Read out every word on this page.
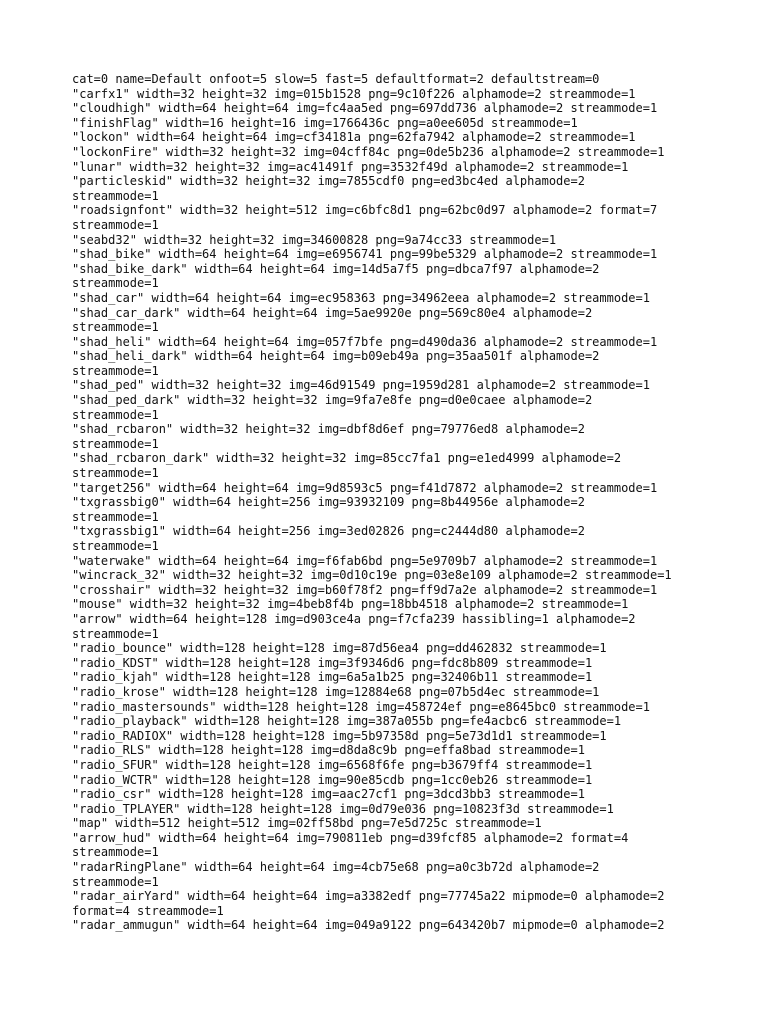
cat=0 name=Default onfoot=5 slow=5 fast=5 defaultformat=2 defaultstream=0
"carfx1" width=32 height=32 img=015b1528 png=9c10f226 alphamode=2 streammode=1
"cloudhigh" width=64 height=64 img=fc4aa5ed png=697dd736 alphamode=2 streammode=1
"finishFlag" width=16 height=16 img=1766436c png=a0ee605d streammode=1
"lockon" width=64 height=64 img=cf34181a png=62fa7942 alphamode=2 streammode=1
"lockonFire" width=32 height=32 img=04cff84c png=0de5b236 alphamode=2 streammode=1
"lunar" width=32 height=32 img=ac41491f png=3532f49d alphamode=2 streammode=1
"particleskid" width=32 height=32 img=7855cdf0 png=ed3bc4ed alphamode=2
streammode=1
"roadsignfont" width=32 height=512 img=c6bfc8d1 png=62bc0d97 alphamode=2 format=7
streammode=1
"seabd32" width=32 height=32 img=34600828 png=9a74cc33 streammode=1
"shad_bike" width=64 height=64 img=e6956741 png=99be5329 alphamode=2 streammode=1
"shad_bike_dark" width=64 height=64 img=14d5a7f5 png=dbca7f97 alphamode=2
streammode=1
"shad_car" width=64 height=64 img=ec958363 png=34962eea alphamode=2 streammode=1
"shad_car_dark" width=64 height=64 img=5ae9920e png=569c80e4 alphamode=2
streammode=1
"shad_heli" width=64 height=64 img=057f7bfe png=d490da36 alphamode=2 streammode=1
"shad_heli_dark" width=64 height=64 img=b09eb49a png=35aa501f alphamode=2
streammode=1
"shad_ped" width=32 height=32 img=46d91549 png=1959d281 alphamode=2 streammode=1
"shad_ped_dark" width=32 height=32 img=9fa7e8fe png=d0e0caee alphamode=2
streammode=1
"shad_rcbaron" width=32 height=32 img=dbf8d6ef png=79776ed8 alphamode=2
streammode=1
"shad_rcbaron_dark" width=32 height=32 img=85cc7fa1 png=e1ed4999 alphamode=2
streammode=1
"target256" width=64 height=64 img=9d8593c5 png=f41d7872 alphamode=2 streammode=1
"txgrassbig0" width=64 height=256 img=93932109 png=8b44956e alphamode=2
streammode=1
"txgrassbig1" width=64 height=256 img=3ed02826 png=c2444d80 alphamode=2
streammode=1
"waterwake" width=64 height=64 img=f6fab6bd png=5e9709b7 alphamode=2 streammode=1
"wincrack_32" width=32 height=32 img=0d10c19e png=03e8e109 alphamode=2 streammode=1
"crosshair" width=32 height=32 img=b60f78f2 png=ff9d7a2e alphamode=2 streammode=1
"mouse" width=32 height=32 img=4beb8f4b png=18bb4518 alphamode=2 streammode=1
"arrow" width=64 height=128 img=d903ce4a png=f7cfa239 hassibling=1 alphamode=2
streammode=1
"radio_bounce" width=128 height=128 img=87d56ea4 png=dd462832 streammode=1
"radio_KDST" width=128 height=128 img=3f9346d6 png=fdc8b809 streammode=1
"radio_kjah" width=128 height=128 img=6a5a1b25 png=32406b11 streammode=1
"radio_krose" width=128 height=128 img=12884e68 png=07b5d4ec streammode=1
"radio_mastersounds" width=128 height=128 img=458724ef png=e8645bc0 streammode=1
"radio_playback" width=128 height=128 img=387a055b png=fe4acbc6 streammode=1
"radio_RADIOX" width=128 height=128 img=5b97358d png=5e73d1d1 streammode=1
"radio_RLS" width=128 height=128 img=d8da8c9b png=effa8bad streammode=1
"radio_SFUR" width=128 height=128 img=6568f6fe png=b3679ff4 streammode=1
"radio_WCTR" width=128 height=128 img=90e85cdb png=1cc0eb26 streammode=1
"radio_csr" width=128 height=128 img=aac27cf1 png=3dcd3bb3 streammode=1
"radio_TPLAYER" width=128 height=128 img=0d79e036 png=10823f3d streammode=1
"map" width=512 height=512 img=02ff58bd png=7e5d725c streammode=1
"arrow_hud" width=64 height=64 img=790811eb png=d39fcf85 alphamode=2 format=4
streammode=1
"radarRingPlane" width=64 height=64 img=4cb75e68 png=a0c3b72d alphamode=2
streammode=1
"radar_airYard" width=64 height=64 img=a3382edf png=77745a22 mipmode=0 alphamode=2
format=4 streammode=1
"radar_ammugun" width=64 height=64 img=049a9122 png=643420b7 mipmode=0 alphamode=2
